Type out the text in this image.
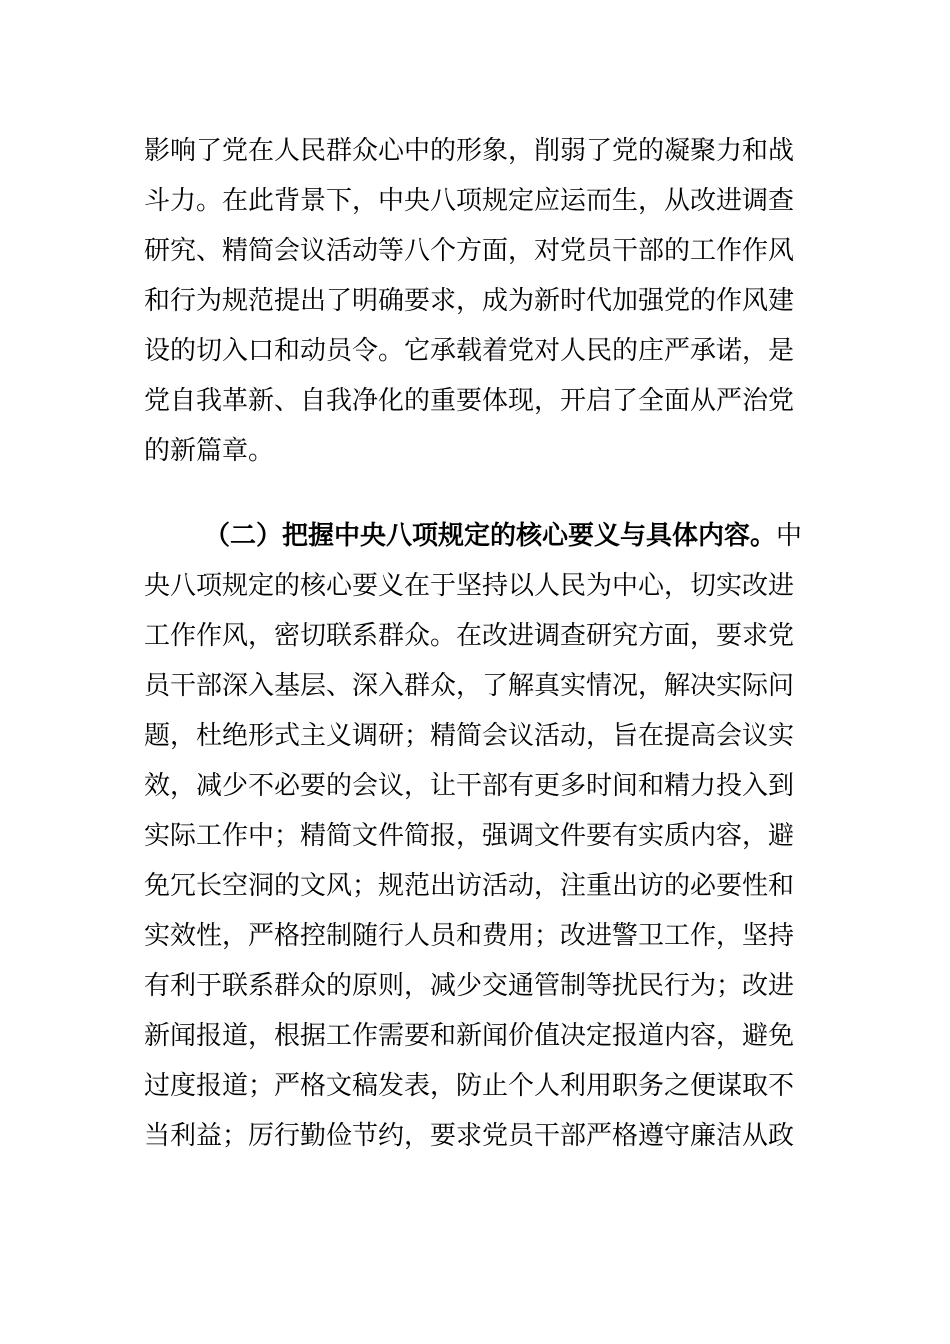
影响了党在人民群众心中的形象，削弱了党的凝聚力和战
斗力。在此背景下，中央八项规定应运而生，从改进调查
研究、精简会议活动等八个方面，对党员干部的工作作风
和行为规范提出了明确要求，成为新时代加强党的作风建
设的切入口和动员令。它承载着党对人民的庄严承诺，是
党自我革新、自我净化的重要体现，开启了全面从严治党
的新篇章。
（二）把握中央八项规定的核心要义与具体内容。中
央八项规定的核心要义在于坚持以人民为中心，切实改进
工作作风，密切联系群众。在改进调查研究方面，要求党
员干部深入基层、深入群众，了解真实情况，解决实际问
题，杜绝形式主义调研；精简会议活动，旨在提高会议实
效，减少不必要的会议，让干部有更多时间和精力投入到
实际工作中；精简文件简报，强调文件要有实质内容，避
免冗长空洞的文风；规范出访活动，注重出访的必要性和
实效性，严格控制随行人员和费用；改进警卫工作，坚持
有利于联系群众的原则，减少交通管制等扰民行为；改进
新闻报道，根据工作需要和新闻价值决定报道内容，避免
过度报道；严格文稿发表，防止个人利用职务之便谋取不
当利益；厉行勤俭节约，要求党员干部严格遵守廉洁从政
